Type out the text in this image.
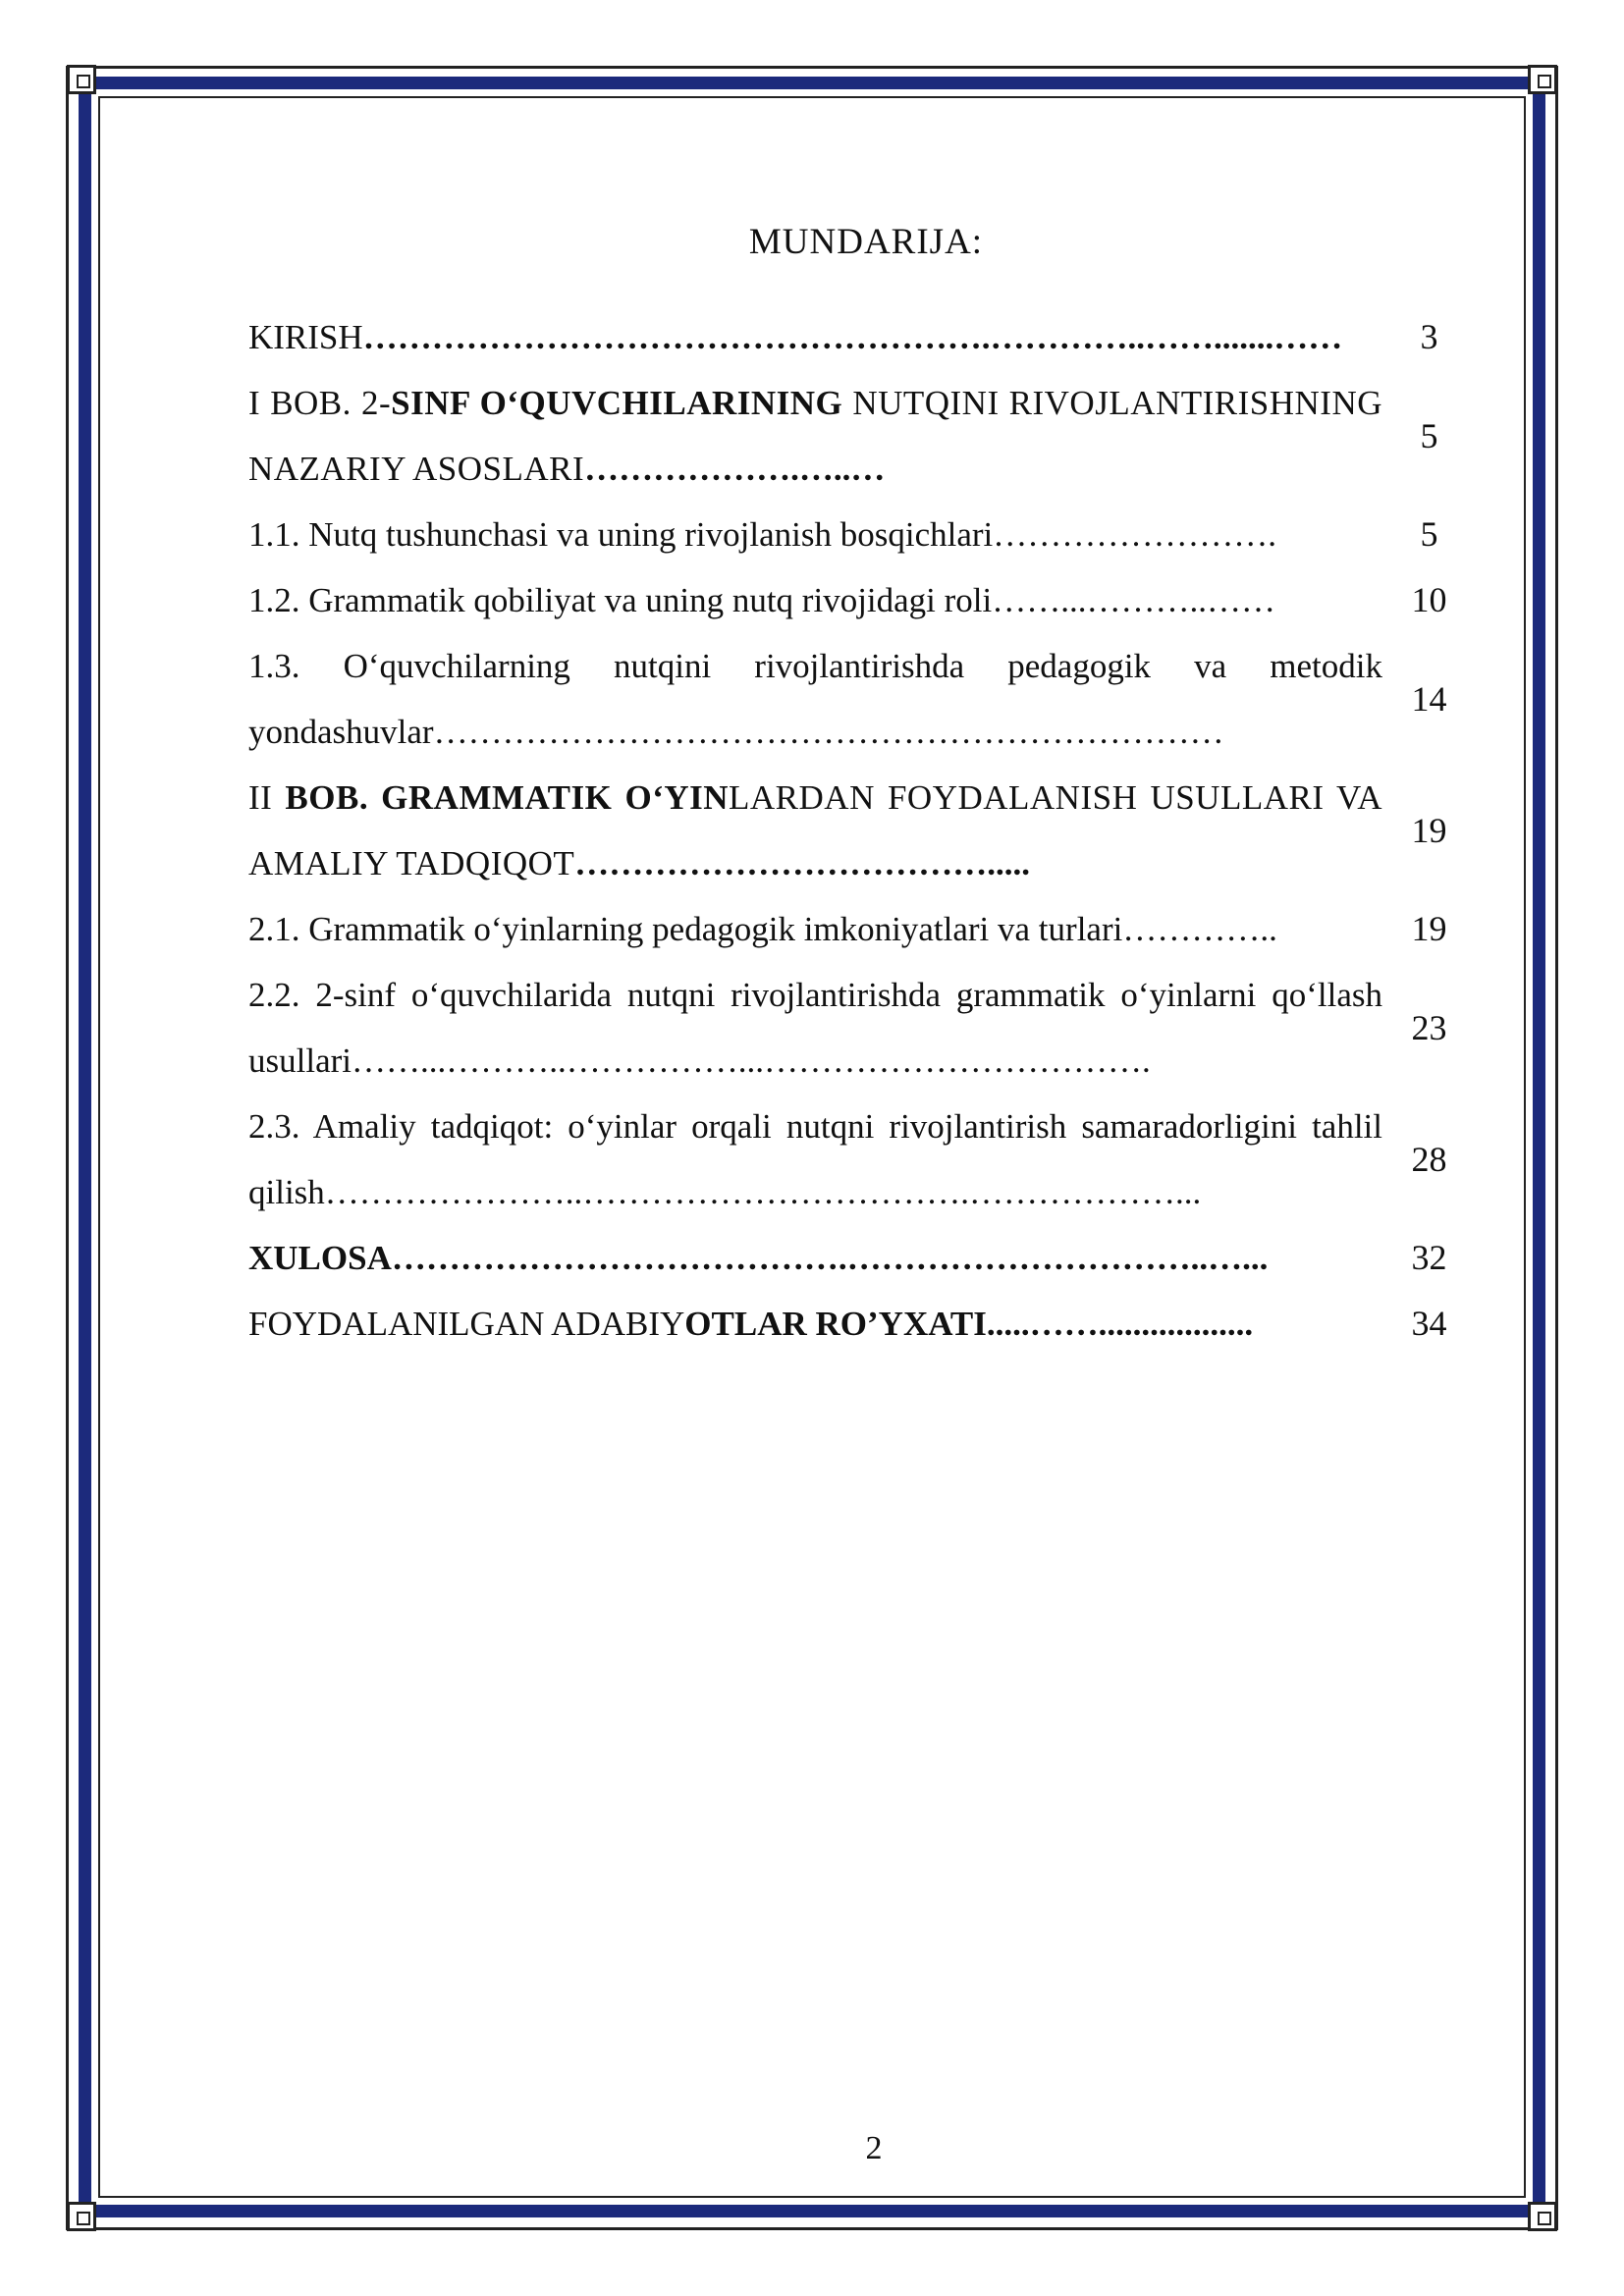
MUNDARIJA:
KIRISH……………………………………………….…………..…….......……	3
I BOB. 2-SINF O‘QUVCHILARINING NUTQINI RIVOJLANTIRISHNING NAZARIY ASOSLARI……………….…..…
5
1.1. Nutq tushunchasi va uning rivojlanish bosqichlari…………………….	5
1.2. Grammatik qobiliyat va uning nutq rivojidagi roli……...………..……	10
1.3. O‘quvchilarning nutqini rivojlantirishda pedagogik va metodik yondashuvlar……………………………………………………………
14
II BOB. GRAMMATIK O‘YINLARDAN FOYDALANISH USULLARI VA AMALIY TADQIQOT……………………………….....
19
2.1. Grammatik o‘yinlarning pedagogik imkoniyatlari va turlari…………..	19
2.2. 2-sinf o‘quvchilarida nutqni rivojlantirishda grammatik o‘yinlarni qo‘llash usullari……...………..……………...…………………………….
23
2.3. Amaliy tadqiqot: o‘yinlar orqali nutqni rivojlantirish samaradorligini tahlil qilish…………………..…………………………….………………...
28
XULOSA………………………………….…………………………..…...	32
FOYDALANILGAN ADABIYOTLAR RO’YXATI.....……..................	34
2
